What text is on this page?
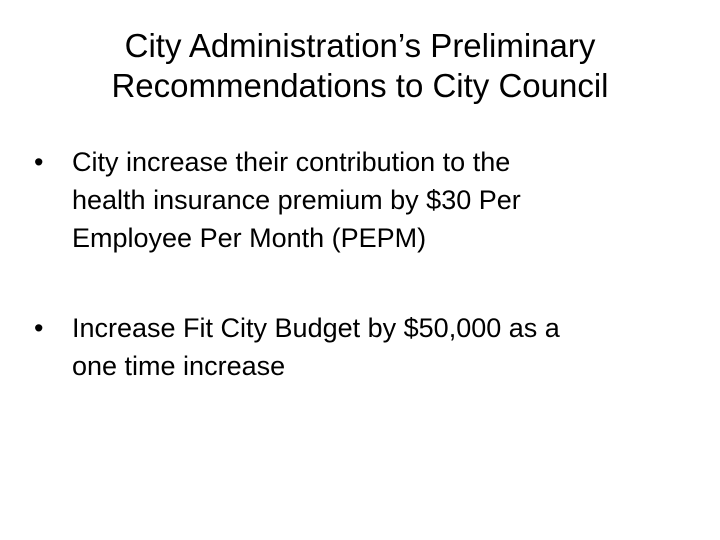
City Administration’s Preliminary
Recommendations to City Council
•	City increase their contribution to the
health insurance premium by $30 Per
Employee Per Month (PEPM)
•	Increase Fit City Budget by $50,000 as a
one time increase
